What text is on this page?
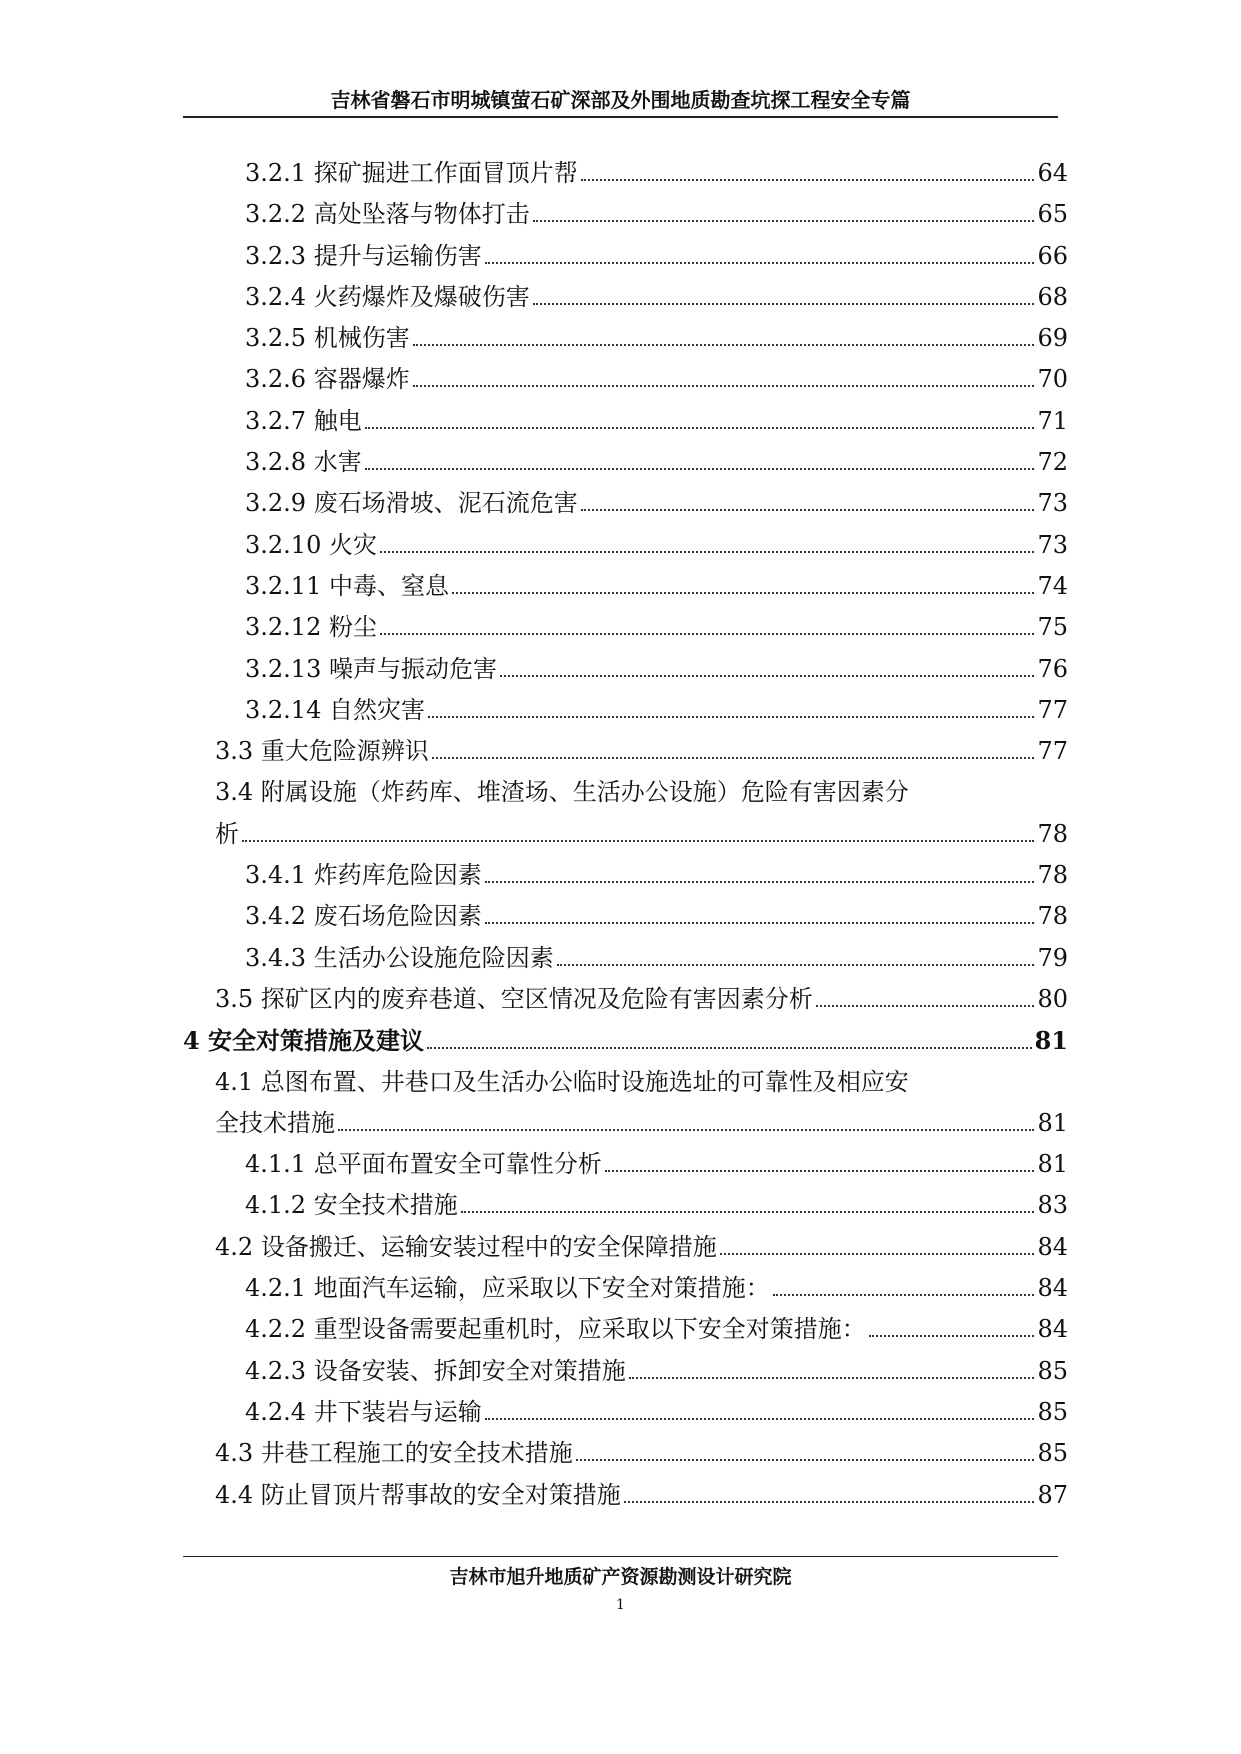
吉林省磐石市明城镇萤石矿深部及外围地质勘查坑探工程安全专篇
3.2.1 探矿掘进工作面冒顶片帮	64
3.2.2 高处坠落与物体打击	65
3.2.3 提升与运输伤害	66
3.2.4 火药爆炸及爆破伤害	68
3.2.5 机械伤害	69
3.2.6 容器爆炸	70
3.2.7 触电	71
3.2.8 水害	72
3.2.9 废石场滑坡、泥石流危害	73
3.2.10 火灾	73
3.2.11 中毒、窒息	74
3.2.12 粉尘	75
3.2.13 噪声与振动危害	76
3.2.14 自然灾害	77
3.3 重大危险源辨识	77
3.4 附属设施（炸药库、堆渣场、生活办公设施）危险有害因素分
析	78
3.4.1 炸药库危险因素	78
3.4.2 废石场危险因素	78
3.4.3 生活办公设施危险因素	79
3.5 探矿区内的废弃巷道、空区情况及危险有害因素分析	80
4 安全对策措施及建议	81
4.1 总图布置、井巷口及生活办公临时设施选址的可靠性及相应安
全技术措施	81
4.1.1 总平面布置安全可靠性分析	81
4.1.2 安全技术措施	83
4.2 设备搬迁、运输安装过程中的安全保障措施	84
4.2.1 地面汽车运输，应采取以下安全对策措施：	84
4.2.2 重型设备需要起重机时，应采取以下安全对策措施：	84
4.2.3 设备安装、拆卸安全对策措施	85
4.2.4 井下装岩与运输	85
4.3 井巷工程施工的安全技术措施	85
4.4 防止冒顶片帮事故的安全对策措施	87
吉林市旭升地质矿产资源勘测设计研究院
1
